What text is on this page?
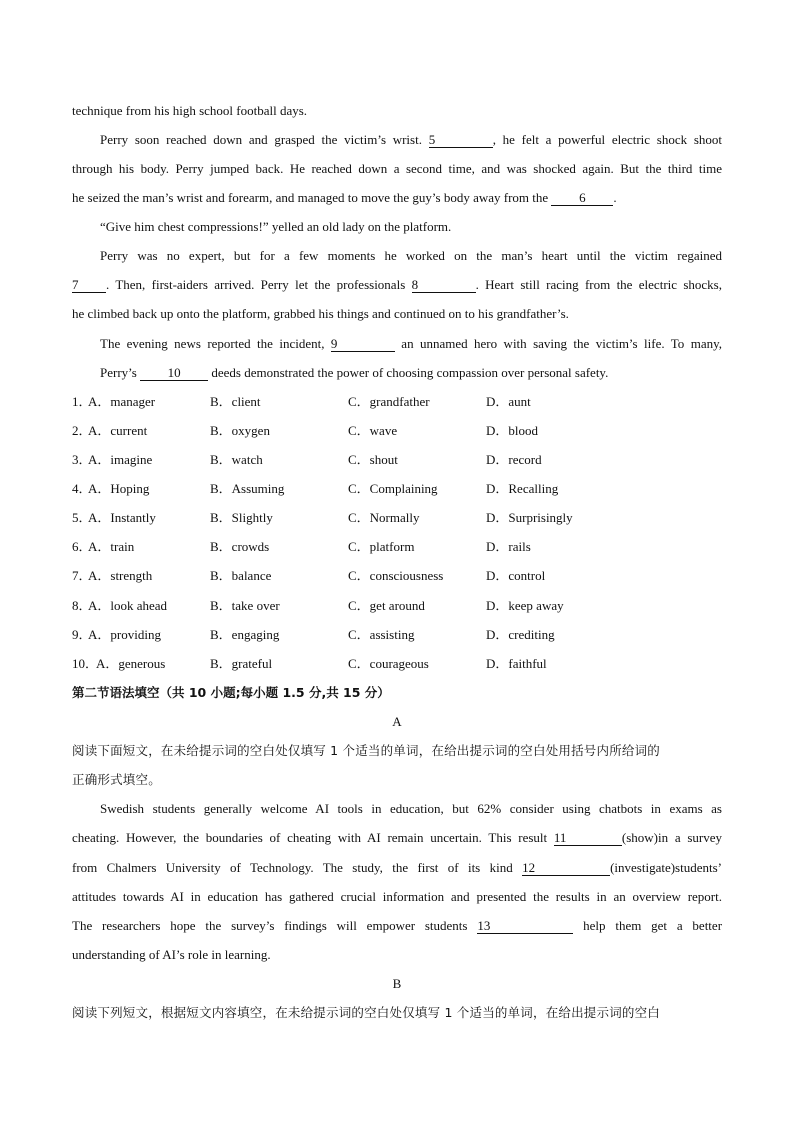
technique from his high school football days.
Perry soon reached down and grasped the victim’s wrist. 5	, he felt a powerful electric shock shoot
through his body. Perry jumped back. He reached down a second time, and was shocked again. But the third time
he seized the man’s wrist and forearm, and managed to move the guy’s body away from the 6 .
“Give him chest compressions!” yelled an old lady on the platform.
Perry was no expert, but for a few moments he worked on the man’s heart until the victim regained
7 . Then, first-aiders arrived. Perry let the professionals 8	. Heart still racing from the electric shocks,
he climbed back up onto the platform, grabbed his things and continued on to his grandfather’s.
The evening news reported the incident, 9	an unnamed hero with saving the victim’s life. To many,
Perry’s 10 deeds demonstrated the power of choosing compassion over personal safety.
1．
A．manager	B．client	C．grandfather	D．aunt
2．
A．current	B．oxygen	C．wave	D．blood
3．
A．imagine	B．watch	C．shout	D．record
4．
A．Hoping	B．Assuming	C．Complaining	D．Recalling
5．
A．Instantly	B．Slightly	C．Normally	D．Surprisingly
6．
A．train	B．crowds	C．platform	D．rails
7．
A．strength	B．balance	C．consciousness	D．control
8．
A．look ahead	B．take over	C．get around	D．keep away
9．
A．providing	B．engaging	C．assisting	D．crediting
10．
A．generous	B．grateful	C．courageous	D．faithful
第二节语法填空（共 10 小题;每小题 1.5 分,共 15 分）
A
阅读下面短文，在未给提示词的空白处仅填写 1 个适当的单词，在给出提示词的空白处用括号内所给词的
正确形式填空。
Swedish students generally welcome AI tools in education, but 62% consider using chatbots in exams as
cheating. However, the boundaries of cheating with AI remain uncertain. This result 11	(show)in a survey
from Chalmers University of Technology. The study, the first of its kind 12	(investigate)students’
attitudes towards AI in education has gathered crucial information and presented the results in an overview report.
The researchers hope the survey’s findings will empower students 13	help them get a better
understanding of AI’s role in learning.
B
阅读下列短文，根据短文内容填空，在未给提示词的空白处仅填写 1 个适当的单词，在给出提示词的空白
